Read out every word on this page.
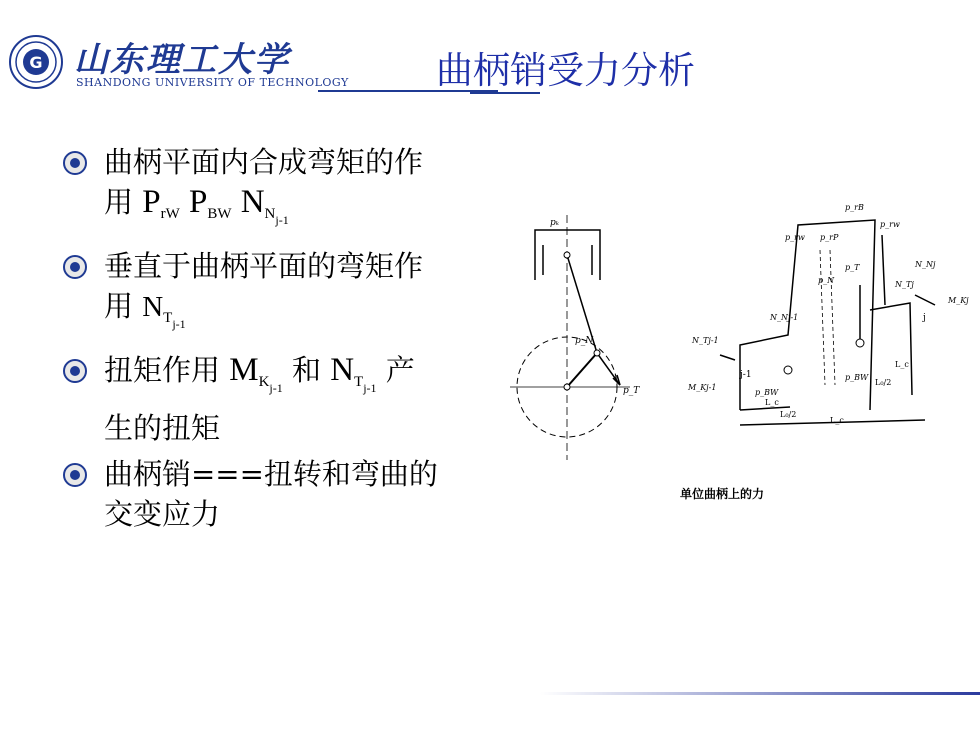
G 山东理工大学
SHANDONG UNIVERSITY OF TECHNOLOGY 曲柄销受力分析
曲柄平面内合成弯矩的作
用 $P_{rW}$ $P_{BW}$ $N_{Nj-1}$
垂直于曲柄平面的弯矩作
用 $N_{Tj-1}$
扭矩作用 $M_{Kj-1}$ 和 $N_{Tj-1}$ 产
生的扭矩
曲柄销===扭转和弯曲的
交变应力
pₖ
p_N
p_T
p_rB
p_rw
p_rw p_rP
p_T
p_N
N_Nj
N_Tj
M_Kj
N_Nj-1
N_Tj-1
M_Kj-1
j-1
j
p_BW
p_BW
L_c
L_c
L₀/2
L₀/2
L_c
单位曲柄上的力
